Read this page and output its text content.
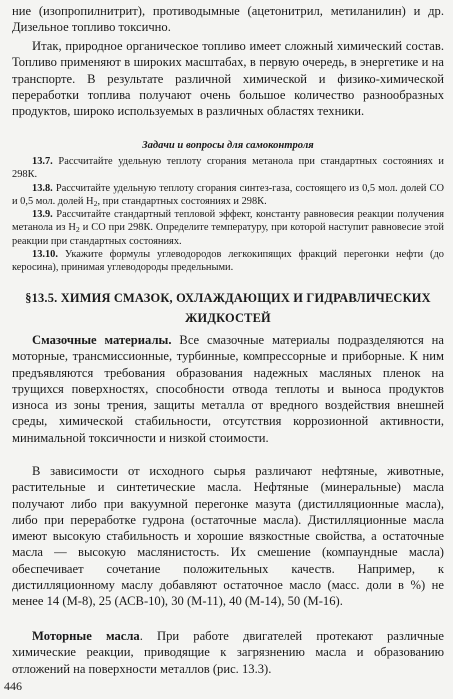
ние (изопропилнитрит), противодымные (ацетонитрил, метиланилин) и др. Дизельное топливо токсично.

Итак, природное органическое топливо имеет сложный химический состав. Топливо применяют в широких масштабах, в первую очередь, в энергетике и на транспорте. В результате различной химической и физико-химической переработки топлива получают очень большое количество разнообразных продуктов, широко используемых в различных областях техники.

Задачи и вопросы для самоконтроля
13.7. Рассчитайте удельную теплоту сгорания метанола при стандартных состояниях и 298К.
13.8. Рассчитайте удельную теплоту сгорания синтез-газа, состоящего из 0,5 мол. долей CO и 0,5 мол. долей $H_2$, при стандартных состояниях и 298К.
13.9. Рассчитайте стандартный тепловой эффект, константу равновесия реакции получения метанола из $H_2$ и CO при 298К. Определите температуру, при которой наступит равновесие этой реакции при стандартных состояниях.
13.10. Укажите формулы углеводородов легкокипящих фракций перегонки нефти (до керосина), принимая углеводороды предельными.
§13.5. ХИМИЯ СМАЗОК, ОХЛАЖДАЮЩИХ И ГИДРАВЛИЧЕСКИХ ЖИДКОСТЕЙ

Смазочные материалы. Все смазочные материалы подразделяются на моторные, трансмиссионные, турбинные, компрессорные и приборные. К ним предъявляются требования образования надежных масляных пленок на трущихся поверхностях, способности отвода теплоты и выноса продуктов износа из зоны трения, защиты металла от вредного воздействия внешней среды, химической стабильности, отсутствия коррозионной активности, минимальной токсичности и низкой стоимости.

В зависимости от исходного сырья различают нефтяные, животные, растительные и синтетические масла. Нефтяные (минеральные) масла получают либо при вакуумной перегонке мазута (дистилляционные масла), либо при переработке гудрона (остаточные масла). Дистилляционные масла имеют высокую стабильность и хорошие вязкостные свойства, а остаточные масла — высокую маслянистость. Их смешение (компаундные масла) обеспечивает сочетание положительных качеств. Например, к дистилляционному маслу добавляют остаточное масло (масс. доли в %) не менее 14 (М-8), 25 (АСВ-10), 30 (М-11), 40 (М-14), 50 (М-16).

Моторные масла. При работе двигателей протекают различные химические реакции, приводящие к загрязнению масла и образованию отложений на поверхности металлов (рис. 13.3).

446
